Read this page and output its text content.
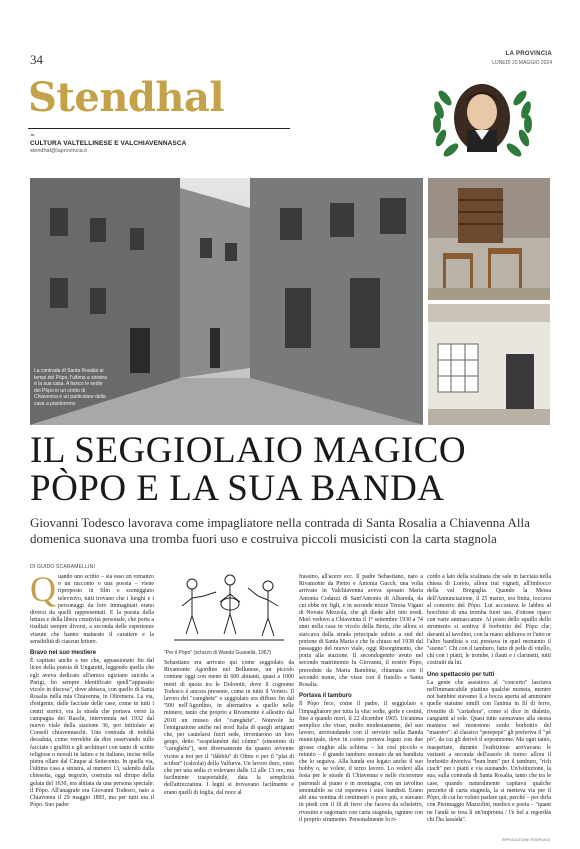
34	LA PROVINCIA
LUNEDÌ 20 MAGGIO 2024
Stendhal
≈
CULTURA VALTELLINESE E VALCHIAVENNASCA
stendhal@laprovincia.it
La contrada di Santa Rosalia ai tempi del Pòpo, l'ultima a sinistra è la sua casa. A fianco le sedie del Pòpo in un crotto di Chiavenna e un particolare della casa a pianterreno
IL SEGGIOLAIO MAGICO PÒPO E LA SUA BANDA
Giovanni Todesco lavorava come impagliatore nella contrada di Santa Rosalia a Chiavenna Alla domenica suonava una tromba fuori uso e costruiva piccoli musicisti con la carta stagnola
DI GUIDO SCARAMELLINI
Q uando uno scritto – sia esso un romanzo o un racconto o una poesia – viene riproposto in film o sceneggiato televisivo, tutti trovano che i luoghi e i personaggi da loro immaginati erano diversi da quelli rappresentati. E la poesia della lettura e della libera creatività personale, che porta a risultati sempre diversi, a seconda delle esperienze vissute che hanno maturato il carattere e la sensibilità di ciascun lettore.

Bravo nel suo mestiere

È capitato anche a me che, appassionato fin dal liceo della poesia di Ungaretti, leggendo quella che egli aveva dedicato all'amico egiziano suicida a Parigi, ho sempre identificato quell'"appassito vicolo in discesa", dove abitava, con quello di Santa Rosalia nella mia Chiavenna, in Oltremera. La via, d'esigente, dalle facciate delle case, come in tutti i centri storici, era la strada che portava verso la campagna dei Raschi, intervenuta nel 1932 dal nuovo viale della stazione 36, poi intitolato ai Consoli chiavennaschi. Una contrada di nobiltà decaduta, come verrebbe da dire osservando sulle facciate i graffiti e gli architravi con tanto di scritte religiose o morali in latino e in italiano, incise nella pietra ollare dal Cinque al Settecento. In quella via, l'ultima casa a sinistra, al numero 13, salendo dalla chiesetta, oggi negozio, costruita sul dirupo della gelata del 1630, era abitata da una persona speciale: il Pòpo. All'anagrafe era Giovanni Todesco, nato a Chiavenna il 29 maggio 1893, ma per tutti era il Pòpo. Suo padre

"Per il Pòpo" (schizzo di Wanda Guanella, 1967)

Sebastiano era arrivato qui come seggiolaio da Rivamonte Agordino nel Bellunese, un piccolo comune oggi con meno di 600 abitanti, quasi a 1000 metri di quota tra le Dolomiti, dove il cognome Todesco è ancora presente, come in tutto il Veneto. Il lavoro del "careghète" o seggiolaio era diffuso fin dal '500 nell'Agordino, in alternativa a quello nelle miniere, tanto che proprio a Rivamonte è allestito dal 2018 un museo dei "careghète". Notevole fu l'emigrazione anche nel nord Italia di quegli artigiani che, per cautelarsi fuori sede, inventarono un loro gergo, detto "scapelamènt del cômm" (sinonimo di "careghèta"), non diversamente da quanto avvenne vicino a noi per il "dàbbiu" di Olmo o per il "plat di sciibar" (calzolai) della Valfurva. Un lavoro duro, visto che per una sedia ci volevano dalle 12 alle 13 ore, ma facilmente trasportabile, data la semplicità dell'attrezzatura. I legni si trovavano facilmente e erano quelli di foglia, dal noce al

frassino, all'acero ecc. Il padre Sebastiano, nato a Rivamonte da Pietro e Antonia Gucch, una volta arrivato in Valchiavenna aveva sposato Maria Antonia Codazzi di Sant'Antonio di Albareda, da cui ebbe tre figli, e in seconde nozze Teresa Vigani di Novate Mezzola, che gli diede altri otto eredi. Morì vedovo a Chiavenna il 1° settembre 1930 a 74 anni nella casa in vicolo della Berta, che allora si staccava dalla strada principale subito a sud del portone di Santa Maria e che fu chiuso nel 1938 dal passaggio del nuovo viale, oggi Risorgimento, che porta alla stazione. Il secondogenito avuto nel secondo matrimonio fu Giovanni, il nostro Pòpo, precedute da Maria Bambina, chiamata con il secondo nome, che visse con il fratello a Santa Rosalia.

Portava il tamburo

Il Pòpo fece, come il padre, il seggiolaio e l'impagliatore per tutta la vita: sedie, gerle e cestini, fino a quando morì, il 22 dicembre 1965. Un'anima semplice che visse, molto modestamente, del suo lavoro, arrotondando con il servizio nella Banda municipale, dove in corteo portava legato con due grosse cinghie alla schiena – lui così piccolo e minuto – il grande tamburo suonato da un bandista che lo seguiva. Alla banda era legato anche il suo hobby o, se volete, il terzo lavoro. Lo vedevi alla festa per le strade di Chiavenna e nelle ricorrenze patronali al piano o in montagna, con un tavolino smontabile su cui esponeva i suoi bandisti. Erano alti una ventina di centimetri o poco più, e stavano in piedi con il fil di ferro che faceva da scheletro, rivestito e sagomato con carta stagnola, ognuno con il proprio strumento. Personalmente lo ri-

cordo a lato della scalinata che sale in facciata nella chiesa di Loreto, allora trai vigneti, all'imbocco della val Bregaglia. Quando la Messa dell'Annunciazione, il 25 marzo, era finita, toccava al concerto del Pòpo. Lui accostava le labbra al bocchino di una tromba fuori uso, d'ottone opaco con varie ammaccature. Al posto dello squillo dello strumento si sentiva il borbottio del Pòpo che, davanti al tavolino, con la mano addirava or l'uno or l'altro bandista a cui prestava in quel momento il "suono". Chi con il tamburo, fatto di pelle di vitello, chi con i piatti, le trombe, i flauti e i clarinetti, tutti costruiti da lui.

Uno spettacolo per tutti

La gente che assisteva al "concerto" lasciava nell'immancabile piattino qualche moneta, mentre noi bambini stavamo lì a bocca aperta ad ammirare quelle statuine simili con l'anima in fil di ferro, rivestite di "cartadora", come si dice in dialetto, cangianti al sole. Quasi tutte suonavano alla stessa maniera nel monotono sordo borbottio del "maestro": al classico "perepepè" gli preferiva il "pè pò", da cui gli derivò il soprannome. Ma ogni tanto, inaspettate, durante l'esibizione arrivavano le varianti a seconda dell'assolo di turno: allora il borbottio diveniva "bum bum" per il tamburo, "rich ciach" per i piatti e via suonando. Un'istituzione, la sua, sulla contrada di Santa Rosalia, tanto che tra le case, quando naturalmente capitava qualche pezzetto di carta stagnola, la si metteva via per il Pòpo, di cui ho voluto parlare qui, perché – per dirla con Piermaggio Mazzolini, medico e poeta – "quant ne l'andà se troa lì un'impronta / l'è bel a regordàs chi l'ha lassàda".

RIPRODUZIONE RISERVATA
